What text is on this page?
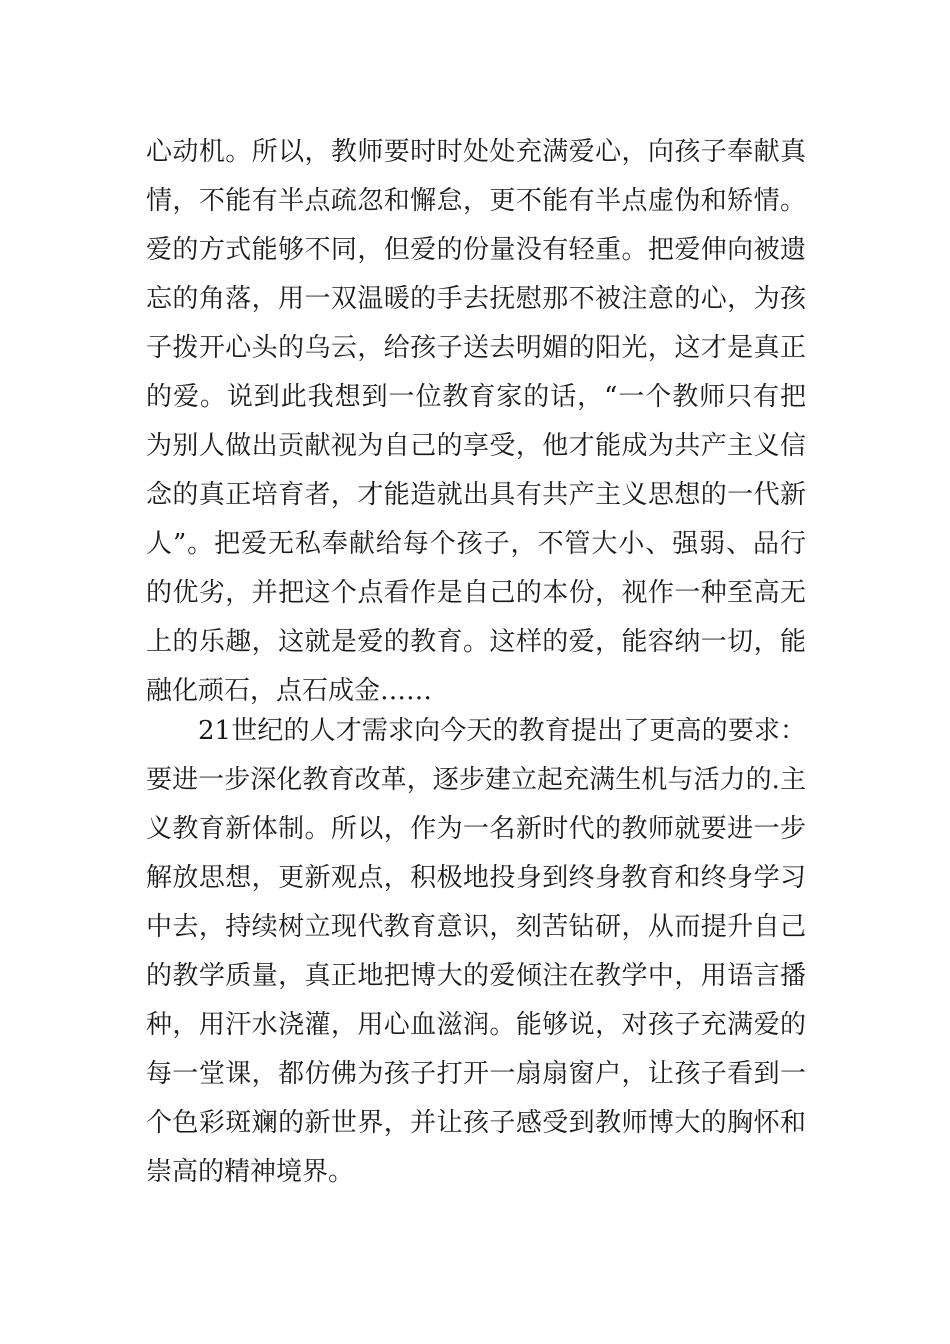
心动机。所以，教师要时时处处充满爱心，向孩子奉献真
情，不能有半点疏忽和懈怠，更不能有半点虚伪和矫情。
爱的方式能够不同，但爱的份量没有轻重。把爱伸向被遗
忘的角落，用一双温暖的手去抚慰那不被注意的心，为孩
子拨开心头的乌云，给孩子送去明媚的阳光，这才是真正
的爱。说到此我想到一位教育家的话，“一个教师只有把
为别人做出贡献视为自己的享受，他才能成为共产主义信
念的真正培育者，才能造就出具有共产主义思想的一代新
人”。把爱无私奉献给每个孩子，不管大小、强弱、品行
的优劣，并把这个点看作是自己的本份，视作一种至高无
上的乐趣，这就是爱的教育。这样的爱，能容纳一切，能
融化顽石，点石成金……
21世纪的人才需求向今天的教育提出了更高的要求：
要进一步深化教育改革，逐步建立起充满生机与活力的.主
义教育新体制。所以，作为一名新时代的教师就要进一步
解放思想，更新观点，积极地投身到终身教育和终身学习
中去，持续树立现代教育意识，刻苦钻研，从而提升自己
的教学质量，真正地把博大的爱倾注在教学中，用语言播
种，用汗水浇灌，用心血滋润。能够说，对孩子充满爱的
每一堂课，都仿佛为孩子打开一扇扇窗户，让孩子看到一
个色彩斑斓的新世界，并让孩子感受到教师博大的胸怀和
崇高的精神境界。
